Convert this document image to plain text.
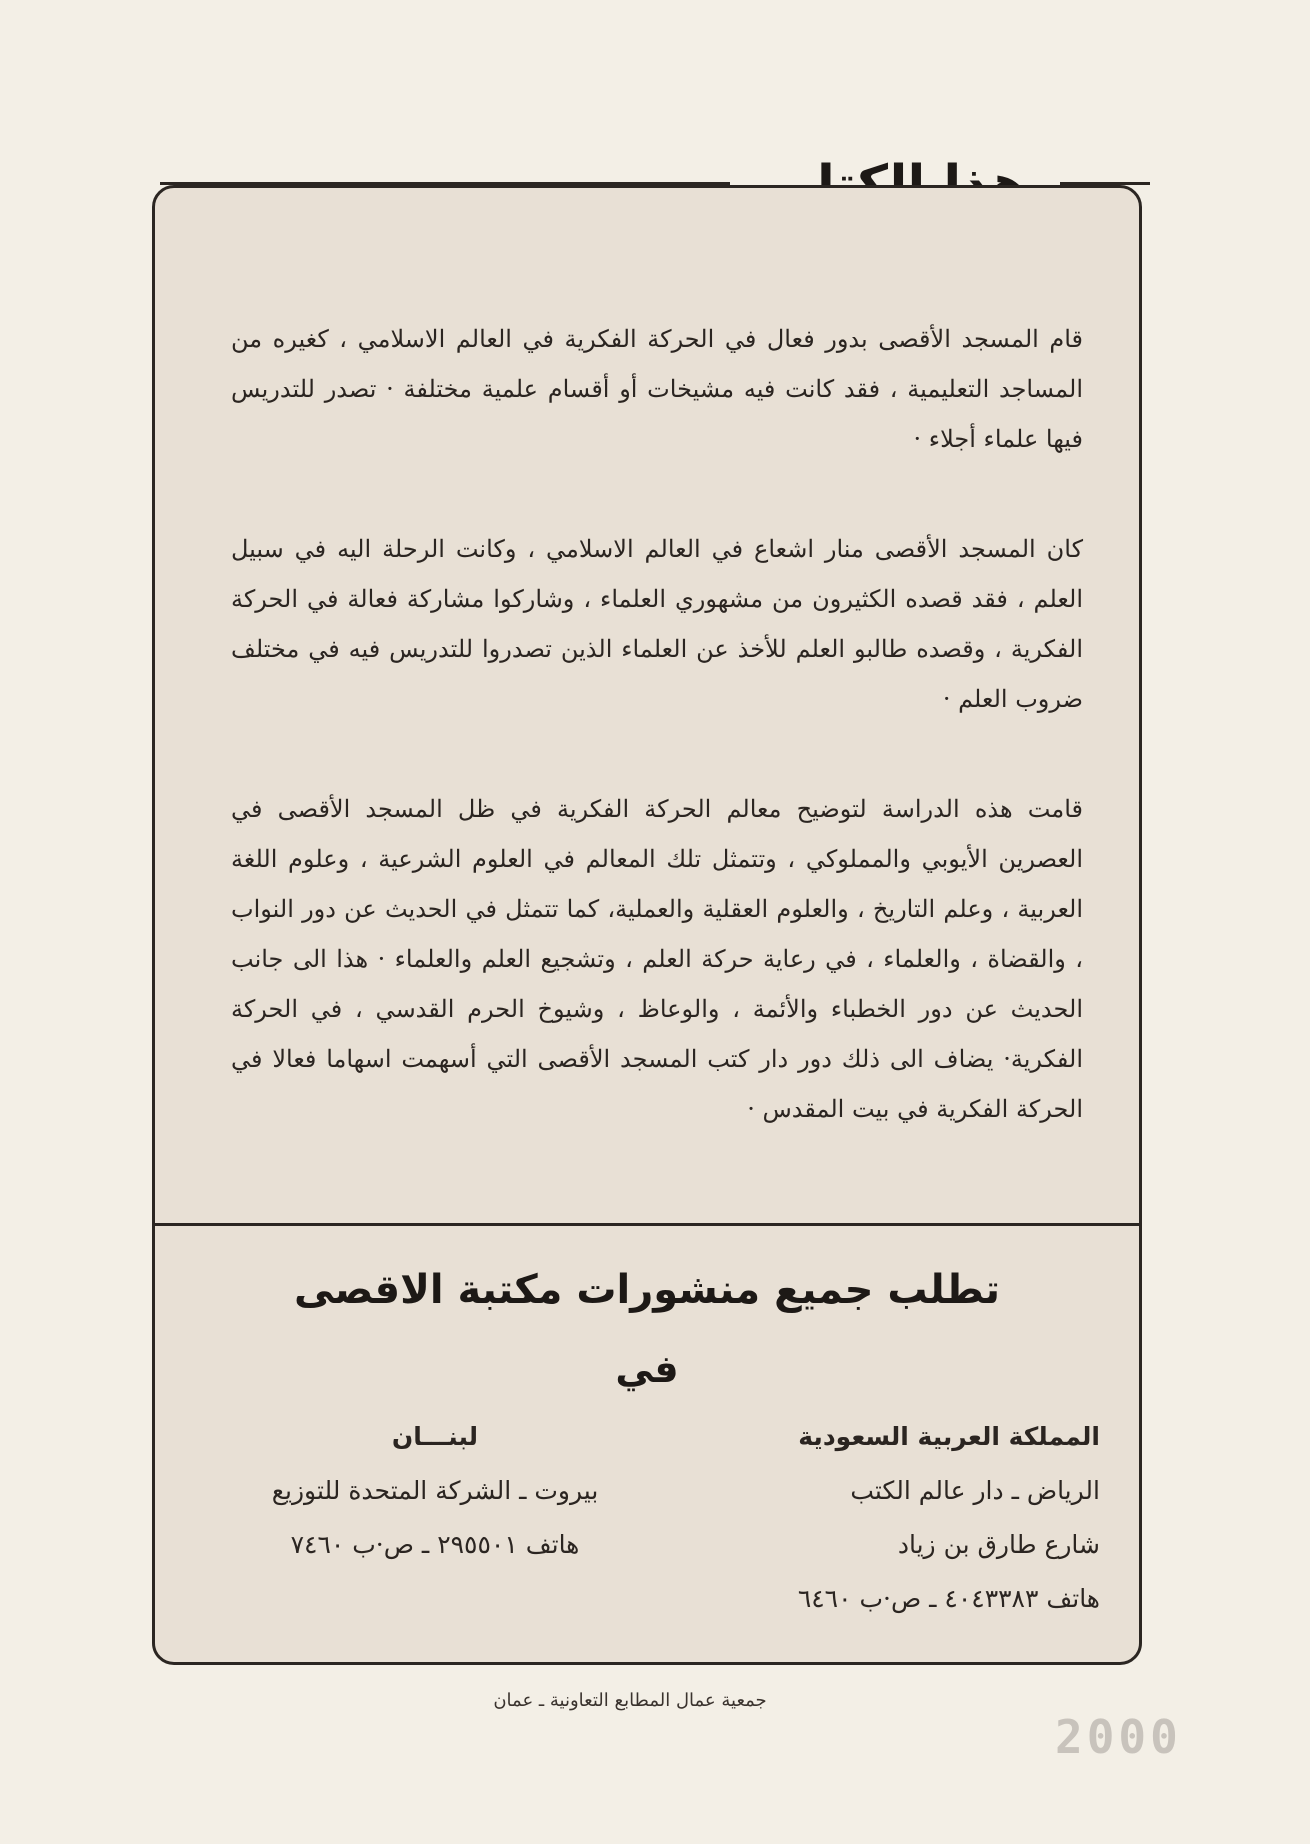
قام المسجد الأقصى بدور فعال في الحركة الفكرية في العالم الاسلامي ، كغيره من المساجد التعليمية ، فقد كانت فيه مشيخات أو أقسام علمية مختلفة · تصدر للتدريس فيها علماء أجلاء ·

كان المسجد الأقصى منار اشعاع في العالم الاسلامي ، وكانت الرحلة اليه في سبيل العلم ، فقد قصده الكثيرون من مشهوري العلماء ، وشاركوا مشاركة فعالة في الحركة الفكرية ، وقصده طالبو العلم للأخذ عن العلماء الذين تصدروا للتدريس فيه في مختلف ضروب العلم ·

قامت هذه الدراسة لتوضيح معالم الحركة الفكرية في ظل المسجد الأقصى في العصرين الأيوبي والمملوكي ، وتتمثل تلك المعالم في العلوم الشرعية ، وعلوم اللغة العربية ، وعلم التاريخ ، والعلوم العقلية والعملية، كما تتمثل في الحديث عن دور النواب ، والقضاة ، والعلماء ، في رعاية حركة العلم ، وتشجيع العلم والعلماء · هذا الى جانب الحديث عن دور الخطباء والأئمة ، والوعاظ ، وشيوخ الحرم القدسي ، في الحركة الفكرية· يضاف الى ذلك دور دار كتب المسجد الأقصى التي أسهمت اسهاما فعالا في الحركة الفكرية في بيت المقدس ·

تطلب جميع منشورات مكتبة الاقصى
في
المملكة العربية السعودية
الرياض ـ دار عالم الكتب
شارع طارق بن زياد
هاتف ٤٠٤٣٣٨٣ ـ ص·ب ٦٤٦٠
لبنـــان
بيروت ـ الشركة المتحدة للتوزيع
هاتف ٢٩٥٥٠١ ـ ص·ب ٧٤٦٠
جمعية عمال المطابع التعاونية ـ عمان
2000
